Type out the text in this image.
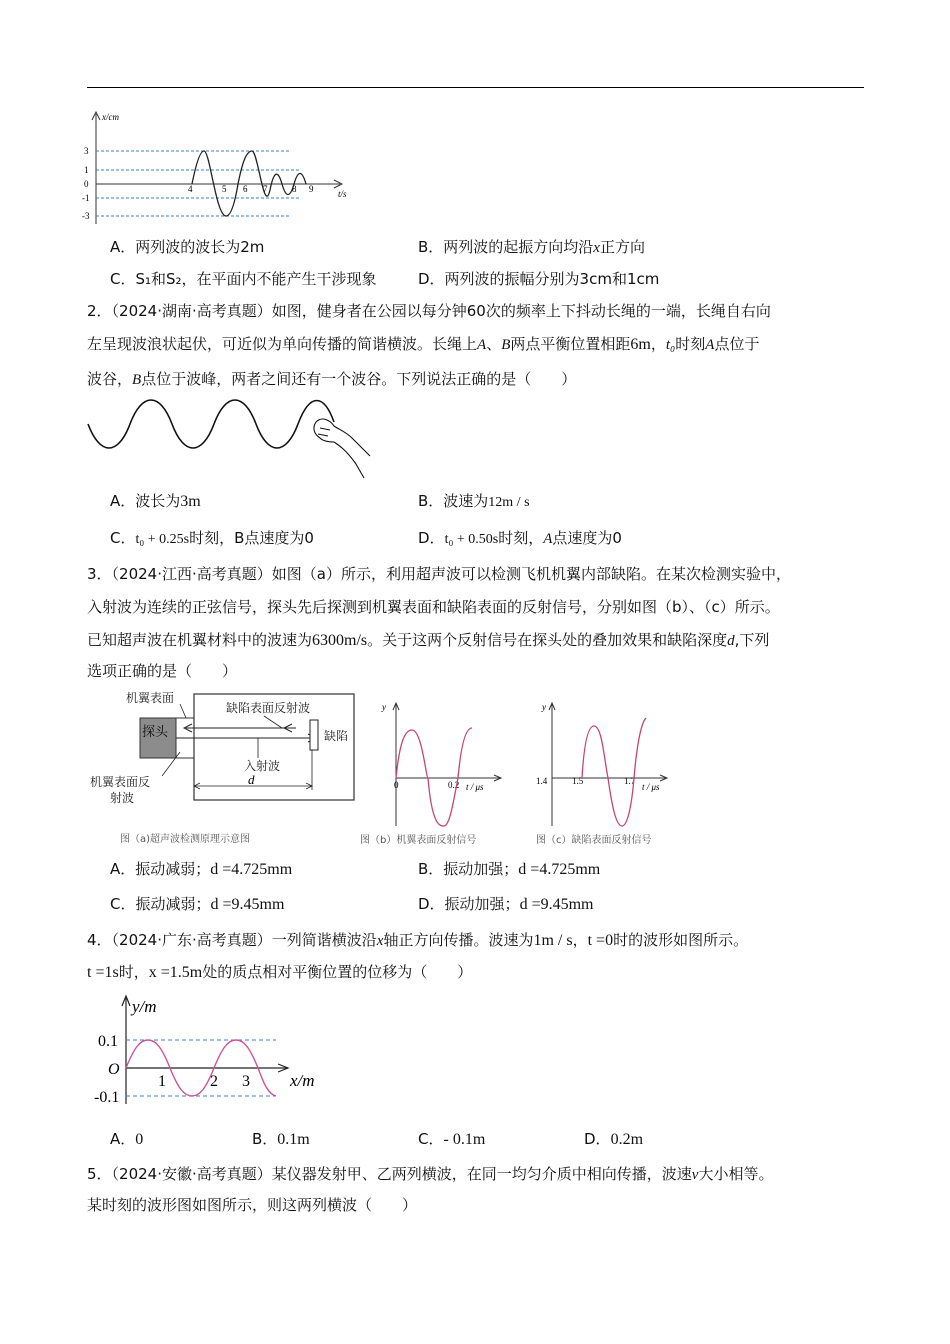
x/cm
t/s
3
1
0
-1
-3
4	5 6 7	8 9
A．两列波的波长为2m	B．两列波的起振方向均沿x正方向
C．S₁和S₂，在平面内不能产生干涉现象	D．两列波的振幅分别为3cm和1cm
2．（2024·湖南·高考真题）如图，健身者在公园以每分钟60次的频率上下抖动长绳的一端，长绳自右向
左呈现波浪状起伏，可近似为单向传播的简谐横波。长绳上A、B两点平衡位置相距6m，t₀时刻A点位于
波谷，B点位于波峰，两者之间还有一个波谷。下列说法正确的是（　　）
A．波长为3m	B．波速为12m / s
C．t₀ + 0.25s时刻，B点速度为0	D．t₀ + 0.50s时刻，A点速度为0
3．（2024·江西·高考真题）如图（a）所示，利用超声波可以检测飞机机翼内部缺陷。在某次检测实验中，
入射波为连续的正弦信号，探头先后探测到机翼表面和缺陷表面的反射信号，分别如图（b）、（c）所示。
已知超声波在机翼材料中的波速为6300m/s。关于这两个反射信号在探头处的叠加效果和缺陷深度d,下列
选项正确的是（　　）
探头
d
机翼表面
缺陷表面反射波
缺陷
入射波
机翼表面反
射波
图（a)超声波检测原理示意图
y
t / μs
0	0.2
图（b）机翼表面反射信号
y
t / μs
1.4	1.5	1.7
图（c）缺陷表面反射信号
A．振动减弱；d =4.725mm	B．振动加强；d =4.725mm
C．振动减弱；d =9.45mm	D．振动加强；d =9.45mm
4．（2024·广东·高考真题）一列简谐横波沿x轴正方向传播。波速为1m / s，t =0时的波形如图所示。
t =1s时，x =1.5m处的质点相对平衡位置的位移为（　　）
y/m
x/m
0.1
O
-0.1
1	2 3
A．0	B．0.1m	C．- 0.1m	D．0.2m
5．（2024·安徽·高考真题）某仪器发射甲、乙两列横波，在同一均匀介质中相向传播，波速v大小相等。
某时刻的波形图如图所示，则这两列横波（　　）
